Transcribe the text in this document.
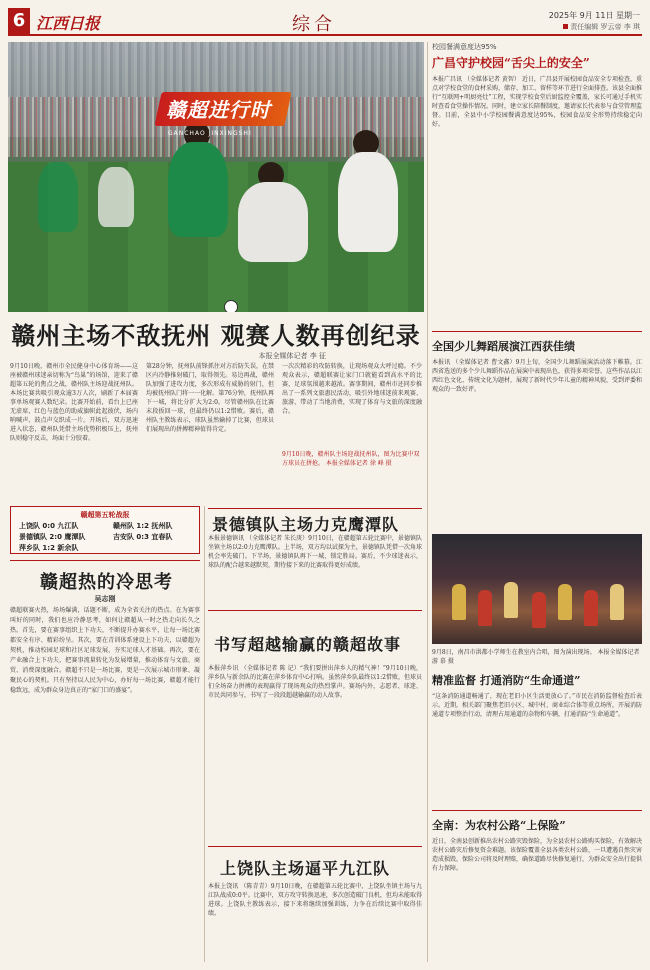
6 江西日报	综合	2025年 9月 11日 星期一
责任编辑 罗云帝 李 琪
赣超进行时
GANCHAO JINXINGSHI
赣州主场不敌抚州 观赛人数再创纪录
本报全媒体记者 李 征
9月10日晚，赣州市全民健身中心体育场——这座被赣州球迷亲切称为“鸟巢”的场馆，迎来了赣超第五轮的焦点之战，赣州队主场迎战抚州队。本场比赛共吸引观众逾3万人次，刷新了本届赛事单场观赛人数纪录。比赛开始前，看台上已座无虚席，红色与蓝色的助威旗帜此起彼伏，场内呐喊声、鼓点声交织成一片。开场后，双方迅速进入状态，赣州队凭借主场优势积极压上，抚州队则稳守反击，场面十分胶着。
第28分钟，抚州队前锋抓住对方后防失误，在禁区内冷静推射破门，取得领先。易边再战，赣州队加强了进攻力度，多次形成有威胁的射门，但均被抚州队门将一一化解。第76分钟，抚州队再下一城，将比分扩大为2:0。尽管赣州队在比赛末段扳回一球，但最终仍以1:2惜败。赛后，赣州队主教练表示，球队虽然输掉了比赛，但球员们展现出的拼搏精神值得肯定。
一次次精彩的攻防转换，让现场观众大呼过瘾。不少观众表示，赣超联赛让家门口就能看到高水平的比赛，足球氛围越来越浓。赛事期间，赣州市还同步推出了一系列文旅惠民活动，吸引外地球迷前来观赛、旅游，带动了当地消费，实现了体育与文旅的深度融合。
9月10日晚，赣州队主场迎战抚州队，图为比赛中双方球员在拼抢。 本报全媒体记者 徐 峰 摄
赣超第五轮战报
上饶队 0:0 九江队	赣州队 1:2 抚州队
景德镇队 2:0 鹰潭队	吉安队 0:3 宜春队
萍乡队 1:2 新余队
景德镇队主场力克鹰潭队
本报景德镇讯 （全媒体记者 朱长庚）9月10日，在赣超第五轮比赛中，景德镇队坐镇主场以2:0力克鹰潭队。上半场，双方均以试探为主，景德镇队凭借一次角球机会率先破门。下半场，景德镇队再下一城，锁定胜局。赛后，不少球迷表示，球队的配合越来越默契，期待接下来的比赛取得更好成绩。
赣超热的冷思考
吴志刚
赣超联赛火热，场场爆满，话题不断，成为全省关注的热点。在为赛事叫好的同时，我们也应冷静思考，如何让赣超从一时之热走向长久之热。首先，要在赛事组织上下功夫，不断提升办赛水平，让每一场比赛都安全有序、精彩纷呈。其次，要在青训体系建设上下功夫，以赣超为契机，推动校园足球和社区足球发展，夯实足球人才基础。再次，要在产业融合上下功夫，把赛事流量转化为发展增量，推动体育与文旅、商贸、消费深度融合。赣超不只是一场比赛，更是一次展示城市形象、凝聚民心的契机。只有坚持以人民为中心，办好每一场比赛，赣超才能行稳致远，成为群众身边真正的“家门口的盛宴”。
书写超越输赢的赣超故事
本报萍乡讯 （全媒体记者 陈 记）“我们要拼出萍乡人的精气神！”9月10日晚，萍乡队与新余队的比赛在萍乡体育中心打响。虽然萍乡队最终以1:2惜败，但球员们全场奋力拼搏的表现赢得了现场观众的热烈掌声。赛场内外，志愿者、球迷、市民共同参与，书写了一段段超越输赢的动人故事。
上饶队主场逼平九江队
本报上饶讯 （陈青青）9月10日晚，在赣超第五轮比赛中，上饶队坐镇主场与九江队战成0:0平。比赛中，双方攻守转换迅速，多次创造破门良机，但均未能取得进球。上饶队主教练表示，接下来将继续加强训练，力争在后续比赛中取得佳绩。
校园餐满意度达95%
广昌守护校园“舌尖上的安全”
本报广昌讯 （全媒体记者 黄智） 近日，广昌县开展校园食品安全专项检查，重点对学校食堂的食材采购、储存、加工、留样等环节进行全面排查。该县全面推行“互联网+明厨亮灶”工程，实现学校食堂后厨监控全覆盖，家长可通过手机实时查看食堂操作情况。同时，建立家长陪餐制度，邀请家长代表参与食堂管理监督。目前，全县中小学校园餐满意度达95%，校园食品安全形势持续稳定向好。
全国少儿舞蹈展演江西获佳绩
本报讯 （全媒体记者 曹文鑫）9月上旬，全国少儿舞蹈展演活动落下帷幕。江西省选送的多个少儿舞蹈作品在展演中表现出色，获得多项荣誉。这些作品以江西红色文化、传统文化为题材，展现了新时代少年儿童的精神风貌，受到评委和观众的一致好评。
9月8日，南昌市洪都小学师生在教室内合唱，图为演出现场。 本报全媒体记者 游 慕 摄
精准监督 打通消防“生命通道”
“这条消防通道畅通了，现在老旧小区生活更放心了。”市民在消防监督检查后表示。近期，相关部门聚焦老旧小区、城中村、商业综合体等重点场所，开展消防通道专项整治行动，清理占用通道的杂物和车辆，打通消防“生命通道”。
全南：为农村公路“上保险”
近日，全南县创新推出农村公路灾毁保险，为全县农村公路购买保险，有效解决农村公路灾后修复资金难题。该保险覆盖全县各类农村公路，一旦遭遇自然灾害造成损毁，保险公司将及时理赔，确保道路尽快修复通行，为群众安全出行提供有力保障。
